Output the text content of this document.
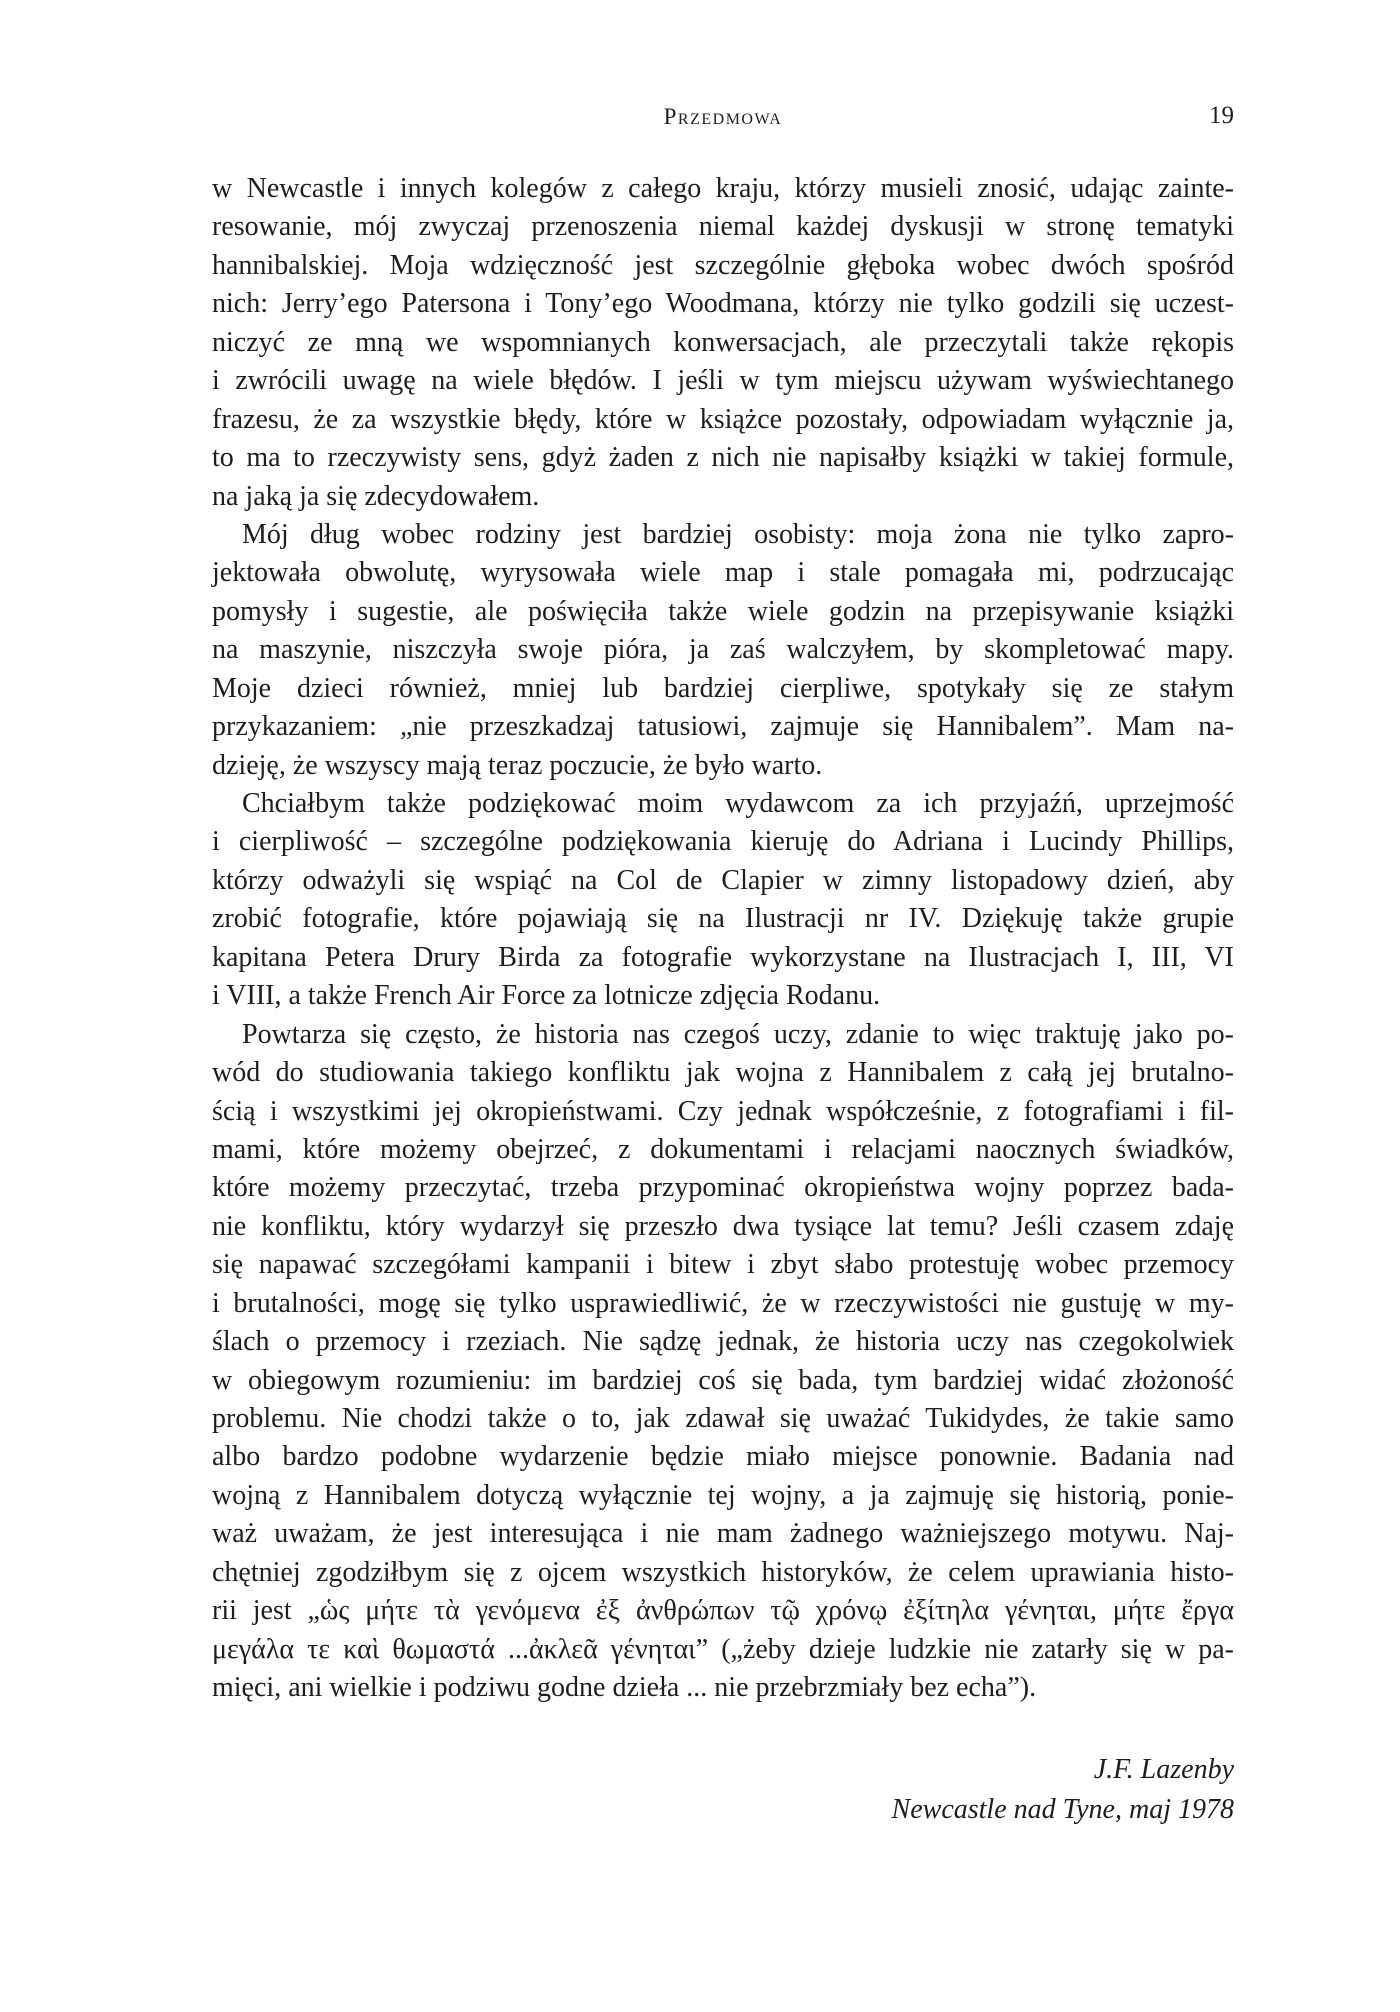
Przedmowa	19
w Newcastle i innych kolegów z całego kraju, którzy musieli znosić, udając zainte-
resowanie, mój zwyczaj przenoszenia niemal każdej dyskusji w stronę tematyki
hannibalskiej. Moja wdzięczność jest szczególnie głęboka wobec dwóch spośród
nich: Jerry’ego Patersona i Tony’ego Woodmana, którzy nie tylko godzili się uczest-
niczyć ze mną we wspomnianych konwersacjach, ale przeczytali także rękopis
i zwrócili uwagę na wiele błędów. I jeśli w tym miejscu używam wyświechtanego
frazesu, że za wszystkie błędy, które w książce pozostały, odpowiadam wyłącznie ja,
to ma to rzeczywisty sens, gdyż żaden z nich nie napisałby książki w takiej formule,
na jaką ja się zdecydowałem.
Mój dług wobec rodziny jest bardziej osobisty: moja żona nie tylko zapro-
jektowała obwolutę, wyrysowała wiele map i stale pomagała mi, podrzucając
pomysły i sugestie, ale poświęciła także wiele godzin na przepisywanie książki
na maszynie, niszczyła swoje pióra, ja zaś walczyłem, by skompletować mapy.
Moje dzieci również, mniej lub bardziej cierpliwe, spotykały się ze stałym
przykazaniem: „nie przeszkadzaj tatusiowi, zajmuje się Hannibalem”. Mam na-
dzieję, że wszyscy mają teraz poczucie, że było warto.
Chciałbym także podziękować moim wydawcom za ich przyjaźń, uprzejmość
i cierpliwość – szczególne podziękowania kieruję do Adriana i Lucindy Phillips,
którzy odważyli się wspiąć na Col de Clapier w zimny listopadowy dzień, aby
zrobić fotografie, które pojawiają się na Ilustracji nr IV. Dziękuję także grupie
kapitana Petera Drury Birda za fotografie wykorzystane na Ilustracjach I, III, VI
i VIII, a także French Air Force za lotnicze zdjęcia Rodanu.
Powtarza się często, że historia nas czegoś uczy, zdanie to więc traktuję jako po-
wód do studiowania takiego konfliktu jak wojna z Hannibalem z całą jej brutalno-
ścią i wszystkimi jej okropieństwami. Czy jednak współcześnie, z fotografiami i fil-
mami, które możemy obejrzeć, z dokumentami i relacjami naocznych świadków,
które możemy przeczytać, trzeba przypominać okropieństwa wojny poprzez bada-
nie konfliktu, który wydarzył się przeszło dwa tysiące lat temu? Jeśli czasem zdaję
się napawać szczegółami kampanii i bitew i zbyt słabo protestuję wobec przemocy
i brutalności, mogę się tylko usprawiedliwić, że w rzeczywistości nie gustuję w my-
ślach o przemocy i rzeziach. Nie sądzę jednak, że historia uczy nas czegokolwiek
w obiegowym rozumieniu: im bardziej coś się bada, tym bardziej widać złożoność
problemu. Nie chodzi także o to, jak zdawał się uważać Tukidydes, że takie samo
albo bardzo podobne wydarzenie będzie miało miejsce ponownie. Badania nad
wojną z Hannibalem dotyczą wyłącznie tej wojny, a ja zajmuję się historią, ponie-
waż uważam, że jest interesująca i nie mam żadnego ważniejszego motywu. Naj-
chętniej zgodziłbym się z ojcem wszystkich historyków, że celem uprawiania histo-
rii jest „ὡς μήτε τὰ γενόμενα ἐξ ἀνθρώπων τῷ χρόνῳ ἐξίτηλα γένηται, μήτε ἔργα
μεγάλα τε καὶ θωμαστά ...ἀκλεᾶ γένηται” („żeby dzieje ludzkie nie zatarły się w pa-
mięci, ani wielkie i podziwu godne dzieła ... nie przebrzmiały bez echa”).
J.F. Lazenby
Newcastle nad Tyne, maj 1978
